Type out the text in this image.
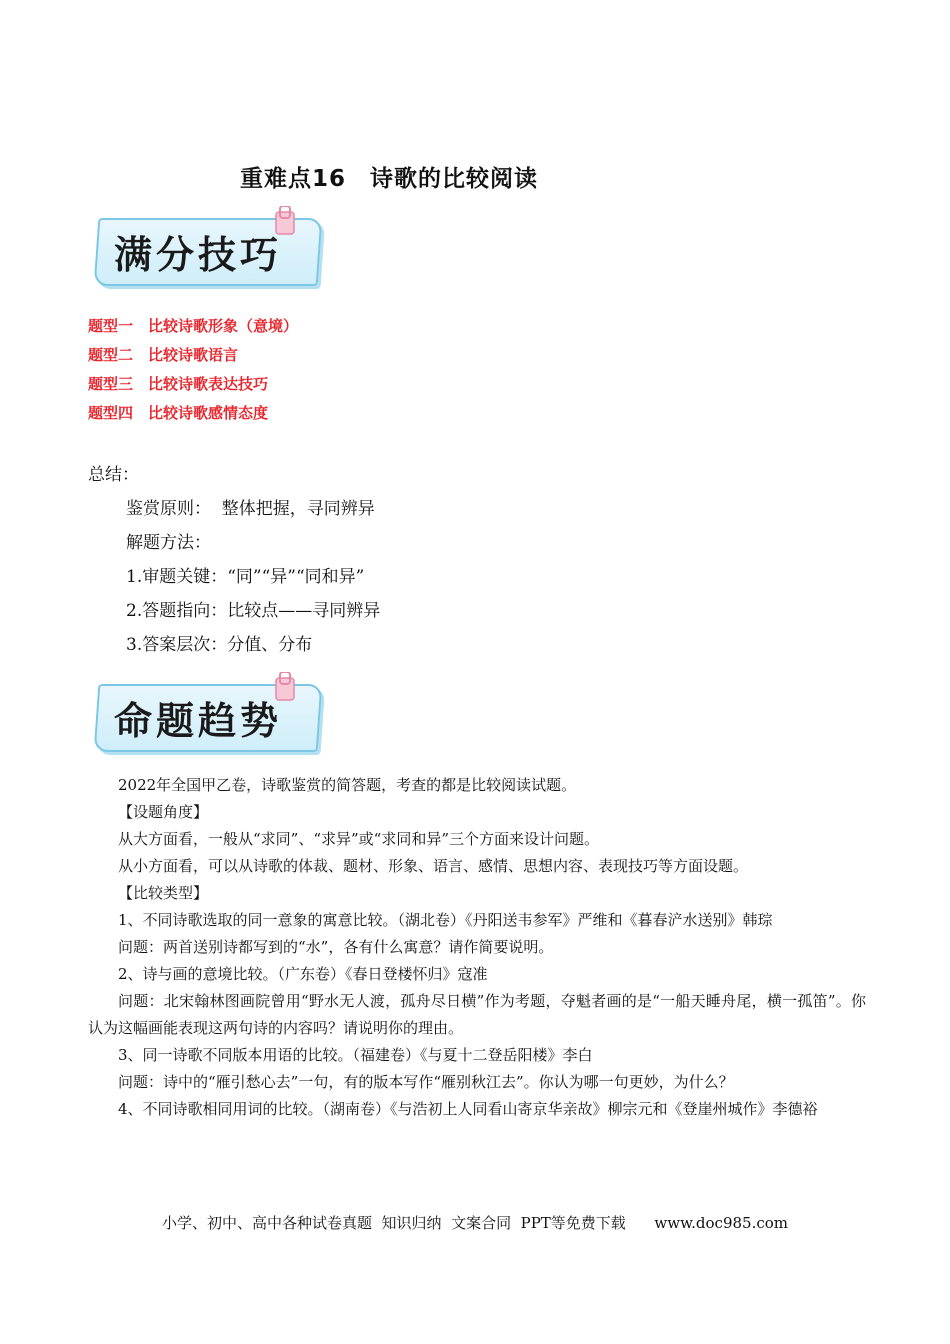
重难点16　诗歌的比较阅读
满分技巧
题型一　比较诗歌形象（意境）
题型二　比较诗歌语言
题型三　比较诗歌表达技巧
题型四　比较诗歌感情态度
总结：
鉴赏原则：  整体把握，寻同辨异
解题方法：
1.审题关键：“同”“异”“同和异”
2.答题指向：比较点——寻同辨异
3.答案层次：分值、分布
命题趋势

2022年全国甲乙卷，诗歌鉴赏的简答题，考查的都是比较阅读试题。

【设题角度】

从大方面看，一般从“求同”、“求异”或“求同和异”三个方面来设计问题。

从小方面看，可以从诗歌的体裁、题材、形象、语言、感情、思想内容、表现技巧等方面设题。

【比较类型】

1、不同诗歌选取的同一意象的寓意比较。（湖北卷）《丹阳送韦参军》严维和《暮春浐水送别》韩琮

问题：两首送别诗都写到的“水”，各有什么寓意？请作简要说明。

2、诗与画的意境比较。（广东卷）《春日登楼怀归》寇准

问题：北宋翰林图画院曾用“野水无人渡，孤舟尽日横”作为考题，夺魁者画的是“一船天睡舟尾，横一孤笛”。你认为这幅画能表现这两句诗的内容吗？请说明你的理由。

3、同一诗歌不同版本用语的比较。（福建卷）《与夏十二登岳阳楼》李白

问题：诗中的“雁引愁心去”一句，有的版本写作“雁别秋江去”。你认为哪一句更妙，为什么？

4、不同诗歌相同用词的比较。（湖南卷）《与浩初上人同看山寄京华亲故》柳宗元和《登崖州城作》李德裕

小学、初中、高中各种试卷真题  知识归纳  文案合同  PPT等免费下载      www.doc985.com
